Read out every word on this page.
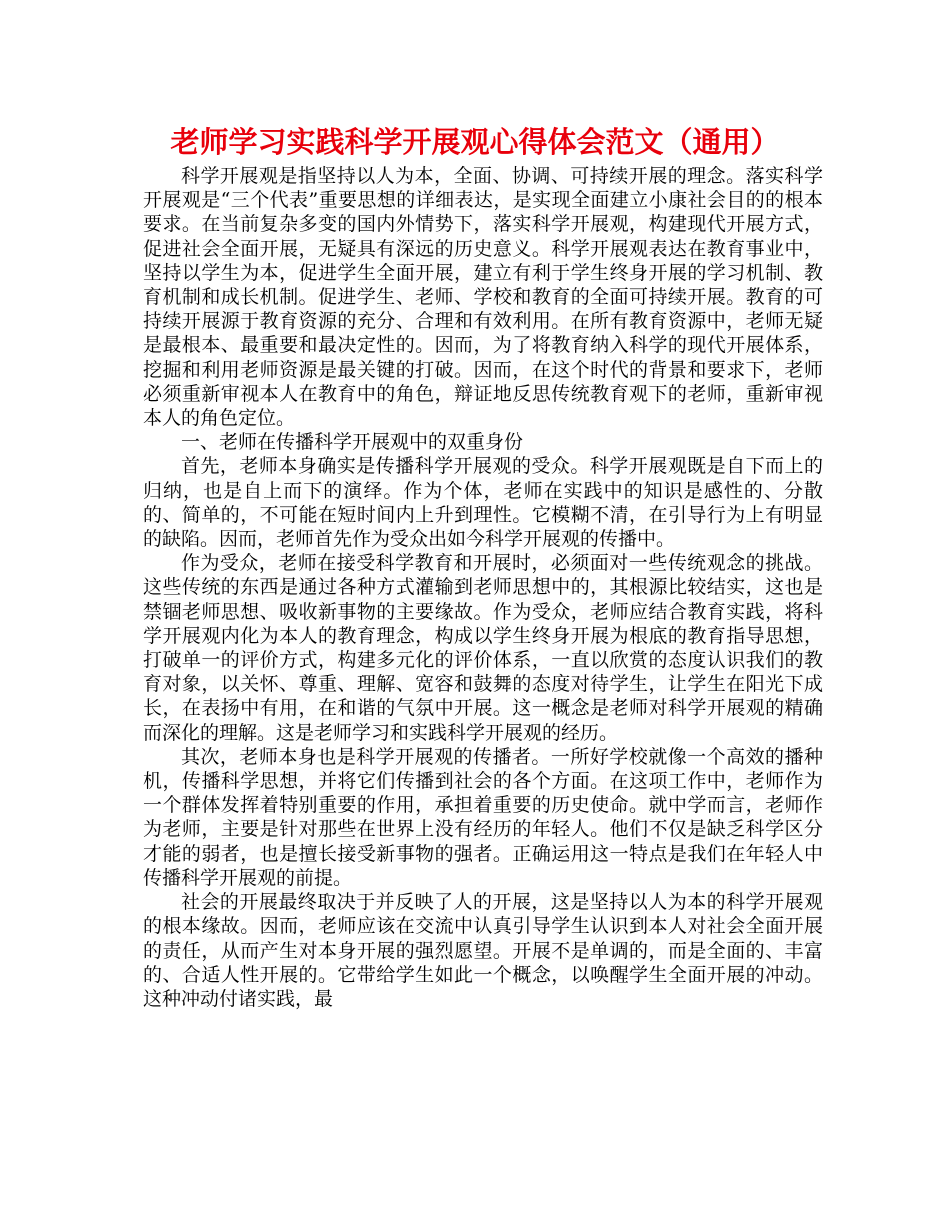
老师学习实践科学开展观心得体会范文（通用）

科学开展观是指坚持以人为本，全面、协调、可持续开展的理念。落实科学开展观是“三个代表”重要思想的详细表达，是实现全面建立小康社会目的的根本要求。在当前复杂多变的国内外情势下，落实科学开展观，构建现代开展方式，促进社会全面开展，无疑具有深远的历史意义。科学开展观表达在教育事业中，坚持以学生为本，促进学生全面开展，建立有利于学生终身开展的学习机制、教育机制和成长机制。促进学生、老师、学校和教育的全面可持续开展。教育的可持续开展源于教育资源的充分、合理和有效利用。在所有教育资源中，老师无疑是最根本、最重要和最决定性的。因而，为了将教育纳入科学的现代开展体系，挖掘和利用老师资源是最关键的打破。因而，在这个时代的背景和要求下，老师必须重新审视本人在教育中的角色，辩证地反思传统教育观下的老师，重新审视本人的角色定位。

一、老师在传播科学开展观中的双重身份

首先，老师本身确实是传播科学开展观的受众。科学开展观既是自下而上的归纳，也是自上而下的演绎。作为个体，老师在实践中的知识是感性的、分散的、简单的，不可能在短时间内上升到理性。它模糊不清，在引导行为上有明显的缺陷。因而，老师首先作为受众出如今科学开展观的传播中。

作为受众，老师在接受科学教育和开展时，必须面对一些传统观念的挑战。这些传统的东西是通过各种方式灌输到老师思想中的，其根源比较结实，这也是禁锢老师思想、吸收新事物的主要缘故。作为受众，老师应结合教育实践，将科学开展观内化为本人的教育理念，构成以学生终身开展为根底的教育指导思想，打破单一的评价方式，构建多元化的评价体系，一直以欣赏的态度认识我们的教育对象，以关怀、尊重、理解、宽容和鼓舞的态度对待学生，让学生在阳光下成长，在表扬中有用，在和谐的气氛中开展。这一概念是老师对科学开展观的精确而深化的理解。这是老师学习和实践科学开展观的经历。

其次，老师本身也是科学开展观的传播者。一所好学校就像一个高效的播种机，传播科学思想，并将它们传播到社会的各个方面。在这项工作中，老师作为一个群体发挥着特别重要的作用，承担着重要的历史使命。就中学而言，老师作为老师，主要是针对那些在世界上没有经历的年轻人。他们不仅是缺乏科学区分才能的弱者，也是擅长接受新事物的强者。正确运用这一特点是我们在年轻人中传播科学开展观的前提。

社会的开展最终取决于并反映了人的开展，这是坚持以人为本的科学开展观的根本缘故。因而，老师应该在交流中认真引导学生认识到本人对社会全面开展的责任，从而产生对本身开展的强烈愿望。开展不是单调的，而是全面的、丰富的、合适人性开展的。它带给学生如此一个概念，以唤醒学生全面开展的冲动。这种冲动付诸实践，最
